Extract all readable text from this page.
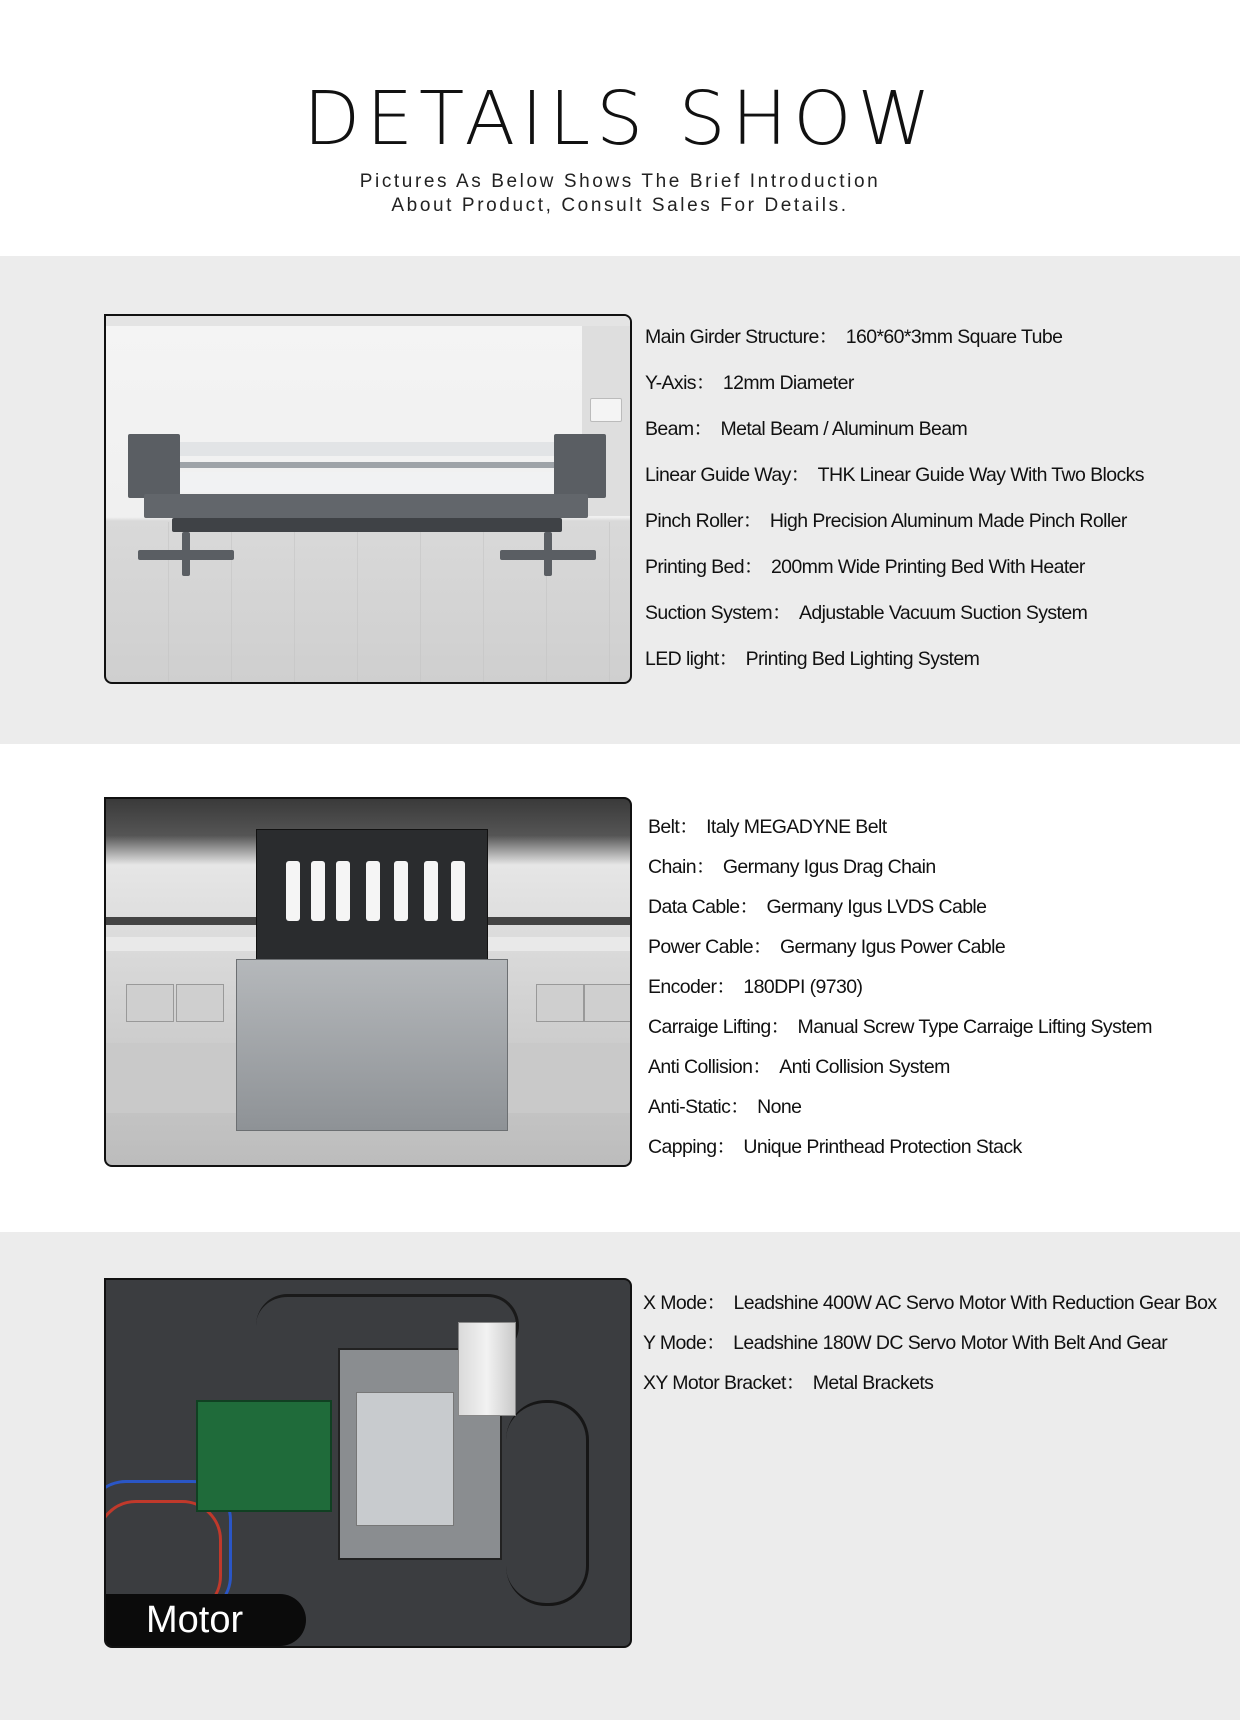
DETAILS SHOW
Pictures As Below Shows The Brief Introduction
About Product, Consult Sales For Details.
Main Girder Structure： 160*60*3mm Square Tube
Y-Axis： 12mm Diameter
Beam： Metal Beam / Aluminum Beam
Linear Guide Way： THK Linear Guide Way With Two Blocks
Pinch Roller： High Precision Aluminum Made Pinch Roller
Printing Bed： 200mm Wide Printing Bed With Heater
Suction System： Adjustable Vacuum Suction System
LED light： Printing Bed Lighting System
Belt： Italy MEGADYNE Belt
Chain： Germany Igus Drag Chain
Data Cable： Germany Igus LVDS Cable
Power Cable： Germany Igus Power Cable
Encoder： 180DPI (9730)
Carraige Lifting： Manual Screw Type Carraige Lifting System
Anti Collision： Anti Collision System
Anti-Static： None
Capping： Unique Printhead Protection Stack
Motor
X Mode： Leadshine 400W AC Servo Motor With Reduction Gear Box
Y Mode： Leadshine 180W DC Servo Motor With Belt And Gear
XY Motor Bracket： Metal Brackets
